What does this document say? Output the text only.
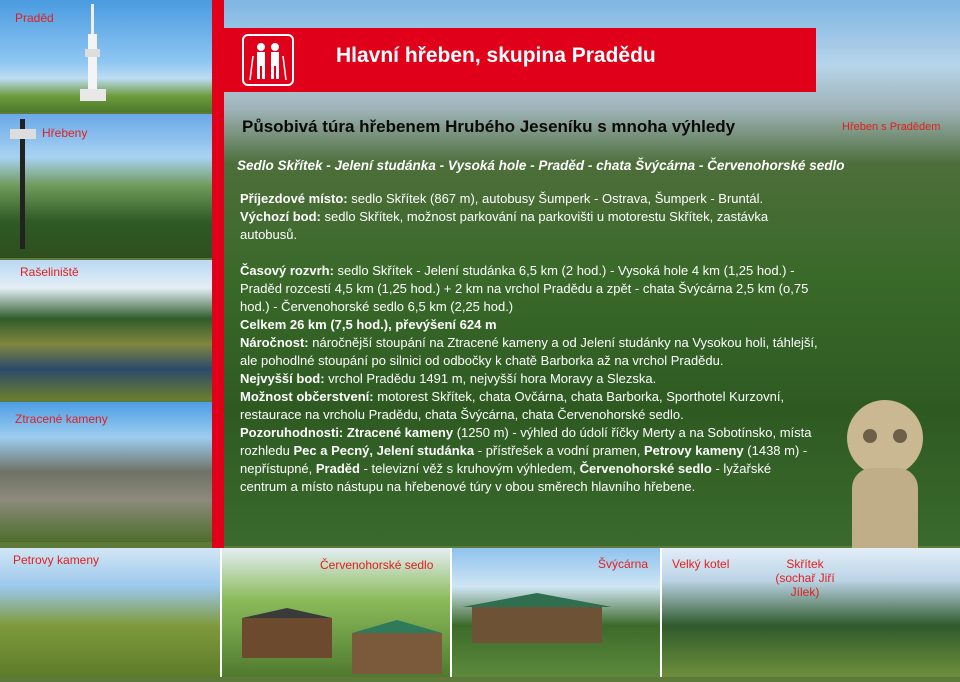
Praděd
Hřebeny
Rašeliniště
Ztracené kameny
Hřeben s Pradědem
Hlavní hřeben, skupina Pradědu
Působivá túra hřebenem Hrubého Jeseníku s mnoha výhledy
Sedlo Skřítek - Jelení studánka - Vysoká hole - Praděd - chata Švýcárna - Červenohorské sedlo
Příjezdové místo: sedlo Skřítek (867 m), autobusy Šumperk - Ostrava, Šumperk - Bruntál.
Výchozí bod: sedlo Skřítek, možnost parkování na parkovišti u motorestu Skřítek, zastávka autobusů.
Časový rozvrh: sedlo Skřítek - Jelení studánka 6,5 km (2 hod.) - Vysoká hole 4 km (1,25 hod.) - Praděd rozcestí 4,5 km (1,25 hod.) + 2 km na vrchol Pradědu a zpět - chata Švýcárna 2,5 km (o,75 hod.) - Červenohorské sedlo 6,5 km (2,25 hod.)
Celkem 26 km (7,5 hod.), převýšení 624 m
Náročnost: náročnější stoupání na Ztracené kameny a od Jelení studánky na Vysokou holi, táhlejší, ale pohodlné stoupání po silnici od odbočky k chatě Barborka až na vrchol Pradědu.
Nejvyšší bod: vrchol Pradědu 1491 m, nejvyšší hora Moravy a Slezska.
Možnost občerstvení: motorest Skřítek, chata Ovčárna, chata Barborka, Sporthotel Kurzovní, restaurace na vrcholu Pradědu, chata Švýcárna, chata Červenohorské sedlo.
Pozoruhodnosti: Ztracené kameny (1250 m) - výhled do údolí říčky Merty a na Sobotínsko, místa rozhledu Pec a Pecný, Jelení studánka - přístřešek a vodní pramen, Petrovy kameny (1438 m) - nepřístupné, Praděd - televizní věž s kruhovým výhledem, Červenohorské sedlo - lyžařské centrum a místo nástupu na hřebenové túry v obou směrech hlavního hřebene.
Petrovy kameny	Červenohorské sedlo	Švýcárna Velký kotel	Skřítek (sochař Jiří Jílek)
